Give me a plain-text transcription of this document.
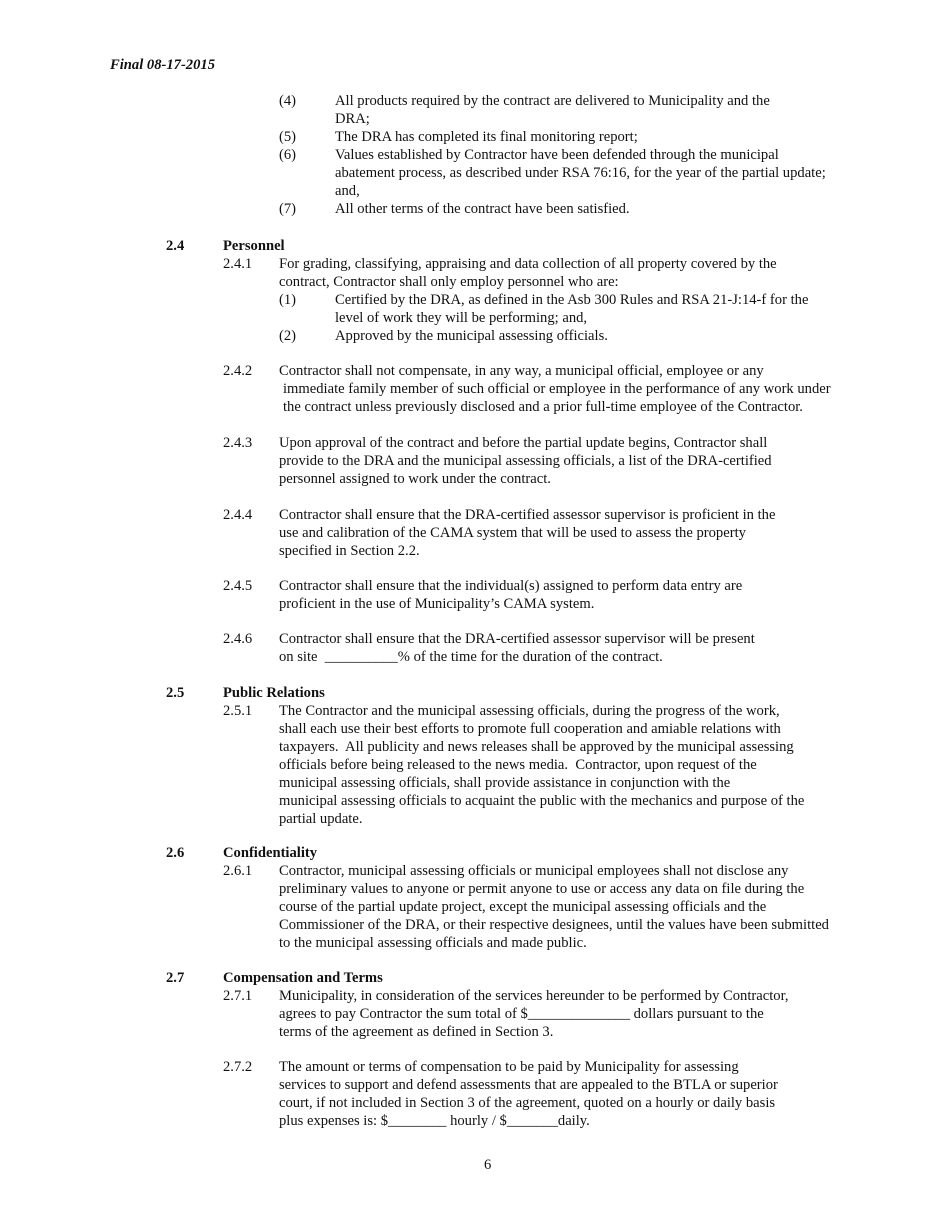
Final 08-17-2015
(4)	All products required by the contract are delivered to Municipality and the
DRA;
(5)	The DRA has completed its final monitoring report;
(6)	Values established by Contractor have been defended through the municipal
abatement process, as described under RSA 76:16, for the year of the partial update;
and,
(7)	All other terms of the contract have been satisfied.
2.4	Personnel
2.4.1 For grading, classifying, appraising and data collection of all property covered by the
contract, Contractor shall only employ personnel who are:
(1)	Certified by the DRA, as defined in the Asb 300 Rules and RSA 21-J:14-f for the
level of work they will be performing; and,
(2)	Approved by the municipal assessing officials.
2.4.2 Contractor shall not compensate, in any way, a municipal official, employee or any
immediate family member of such official or employee in the performance of any work under
the contract unless previously disclosed and a prior full-time employee of the Contractor.
2.4.3 Upon approval of the contract and before the partial update begins, Contractor shall
provide to the DRA and the municipal assessing officials, a list of the DRA-certified
personnel assigned to work under the contract.
2.4.4 Contractor shall ensure that the DRA-certified assessor supervisor is proficient in the
use and calibration of the CAMA system that will be used to assess the property
specified in Section 2.2.
2.4.5 Contractor shall ensure that the individual(s) assigned to perform data entry are
proficient in the use of Municipality’s CAMA system.
2.4.6 Contractor shall ensure that the DRA-certified assessor supervisor will be present
on site  __________% of the time for the duration of the contract.
2.5	Public Relations
2.5.1 The Contractor and the municipal assessing officials, during the progress of the work,
shall each use their best efforts to promote full cooperation and amiable relations with
taxpayers.  All publicity and news releases shall be approved by the municipal assessing
officials before being released to the news media.  Contractor, upon request of the
municipal assessing officials, shall provide assistance in conjunction with the
municipal assessing officials to acquaint the public with the mechanics and purpose of the
partial update.
2.6	Confidentiality
2.6.1 Contractor, municipal assessing officials or municipal employees shall not disclose any
preliminary values to anyone or permit anyone to use or access any data on file during the
course of the partial update project, except the municipal assessing officials and the
Commissioner of the DRA, or their respective designees, until the values have been submitted
to the municipal assessing officials and made public.
2.7	Compensation and Terms
2.7.1 Municipality, in consideration of the services hereunder to be performed by Contractor,
agrees to pay Contractor the sum total of $______________ dollars pursuant to the
terms of the agreement as defined in Section 3.
2.7.2 The amount or terms of compensation to be paid by Municipality for assessing
services to support and defend assessments that are appealed to the BTLA or superior
court, if not included in Section 3 of the agreement, quoted on a hourly or daily basis
plus expenses is: $________ hourly / $_______daily.
6
